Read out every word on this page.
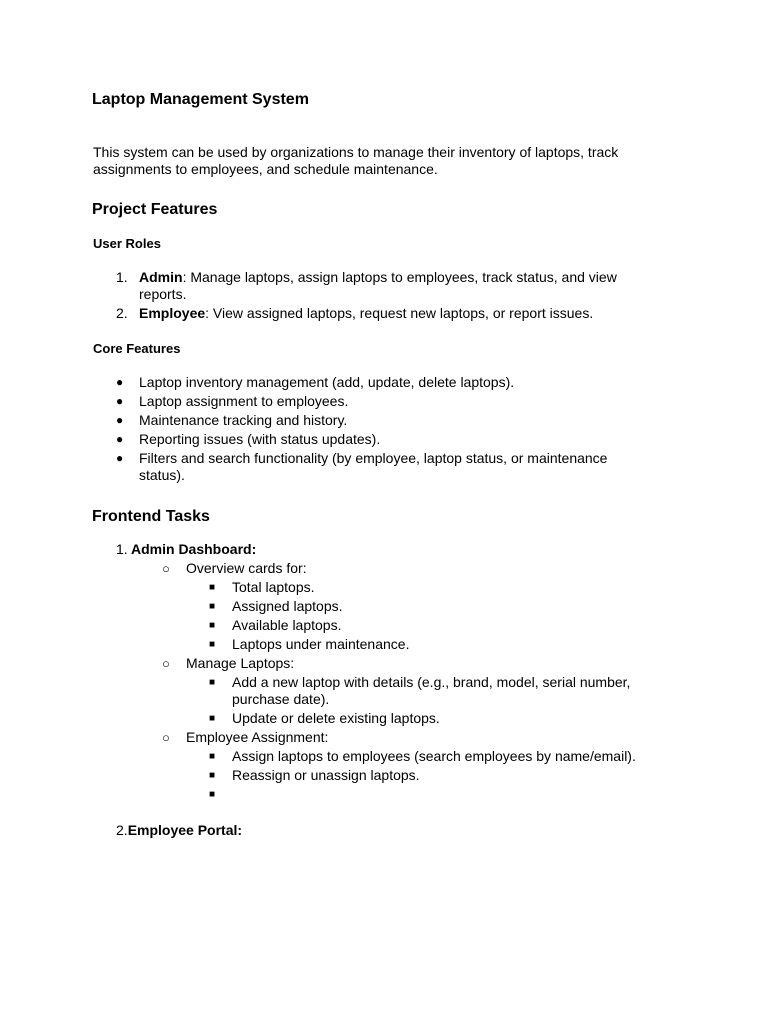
Laptop Management System

This system can be used by organizations to manage their inventory of laptops, track assignments to employees, and schedule maintenance.

Project Features
User Roles
1. Admin: Manage laptops, assign laptops to employees, track status, and view reports.
2. Employee: View assigned laptops, request new laptops, or report issues.
Core Features
● Laptop inventory management (add, update, delete laptops).
● Laptop assignment to employees.
● Maintenance tracking and history.
● Reporting issues (with status updates).
● Filters and search functionality (by employee, laptop status, or maintenance status).
Frontend Tasks
1. Admin Dashboard:
○ Overview cards for:
■ Total laptops.
■ Assigned laptops.
■ Available laptops.
■ Laptops under maintenance.
○ Manage Laptops:
■ Add a new laptop with details (e.g., brand, model, serial number, purchase date).
■ Update or delete existing laptops.
○ Employee Assignment:
■ Assign laptops to employees (search employees by name/email).
■ Reassign or unassign laptops.
■
2.Employee Portal:
